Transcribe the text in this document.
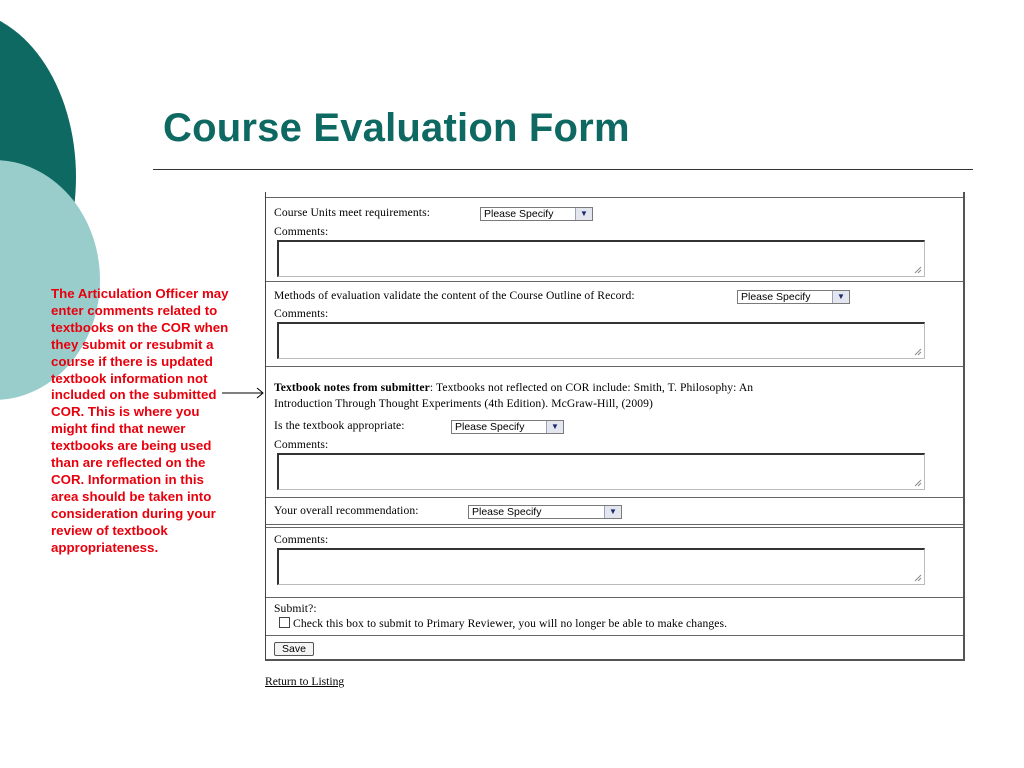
Course Evaluation Form
The Articulation Officer may enter comments related to textbooks on the COR when they submit or resubmit a course if there is updated textbook information not included on the submitted COR. This is where you might find that newer textbooks are being used than are reflected on the COR. Information in this area should be taken into consideration during your review of textbook appropriateness.
Course Units meet requirements:	Please Specify	▼
Comments:
Methods of evaluation validate the content of the Course Outline of Record:	Please Specify	▼
Comments:
Textbook notes from submitter: Textbooks not reflected on COR include: Smith, T. Philosophy: An
Introduction Through Thought Experiments (4th Edition). McGraw-Hill, (2009)
Is the textbook appropriate:	Please Specify	▼
Comments:
Your overall recommendation:	Please Specify	▼
Comments:
Submit?:
Check this box to submit to Primary Reviewer, you will no longer be able to make changes.
Save
Return to Listing
